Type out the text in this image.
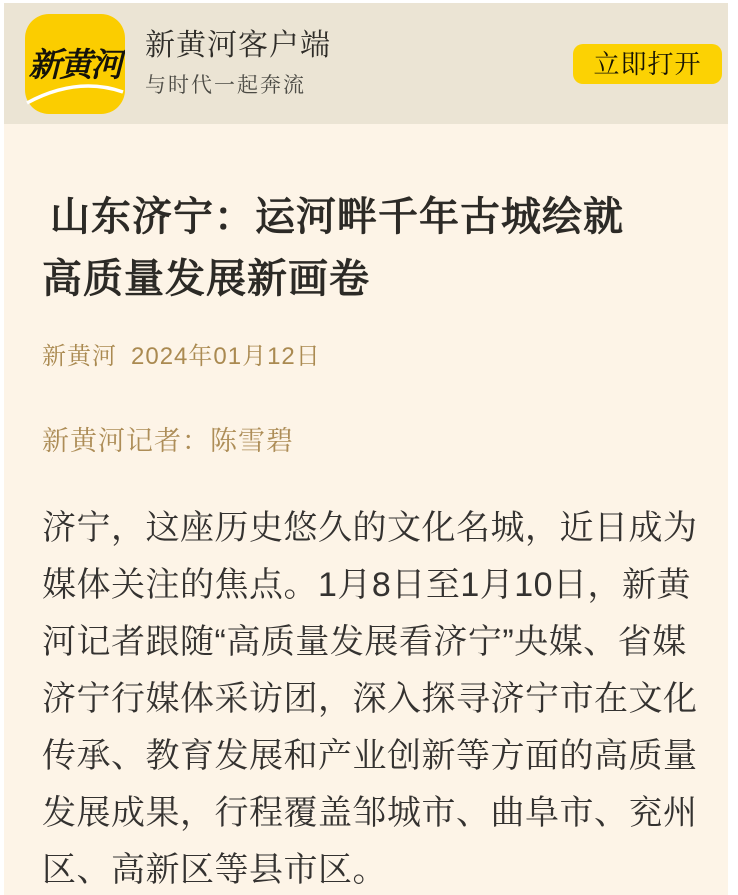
新黄河
新黄河客户端
与时代一起奔流
立即打开
山东济宁：运河畔千年古城绘就高质量发展新画卷
新黄河 2024年01月12日
新黄河记者：陈雪碧

济宁，这座历史悠久的文化名城，近日成为媒体关注的焦点。1月8日至1月10日，新黄河记者跟随“高质量发展看济宁”央媒、省媒济宁行媒体采访团，深入探寻济宁市在文化传承、教育发展和产业创新等方面的高质量发展成果，行程覆盖邹城市、曲阜市、兖州区、高新区等县市区。
